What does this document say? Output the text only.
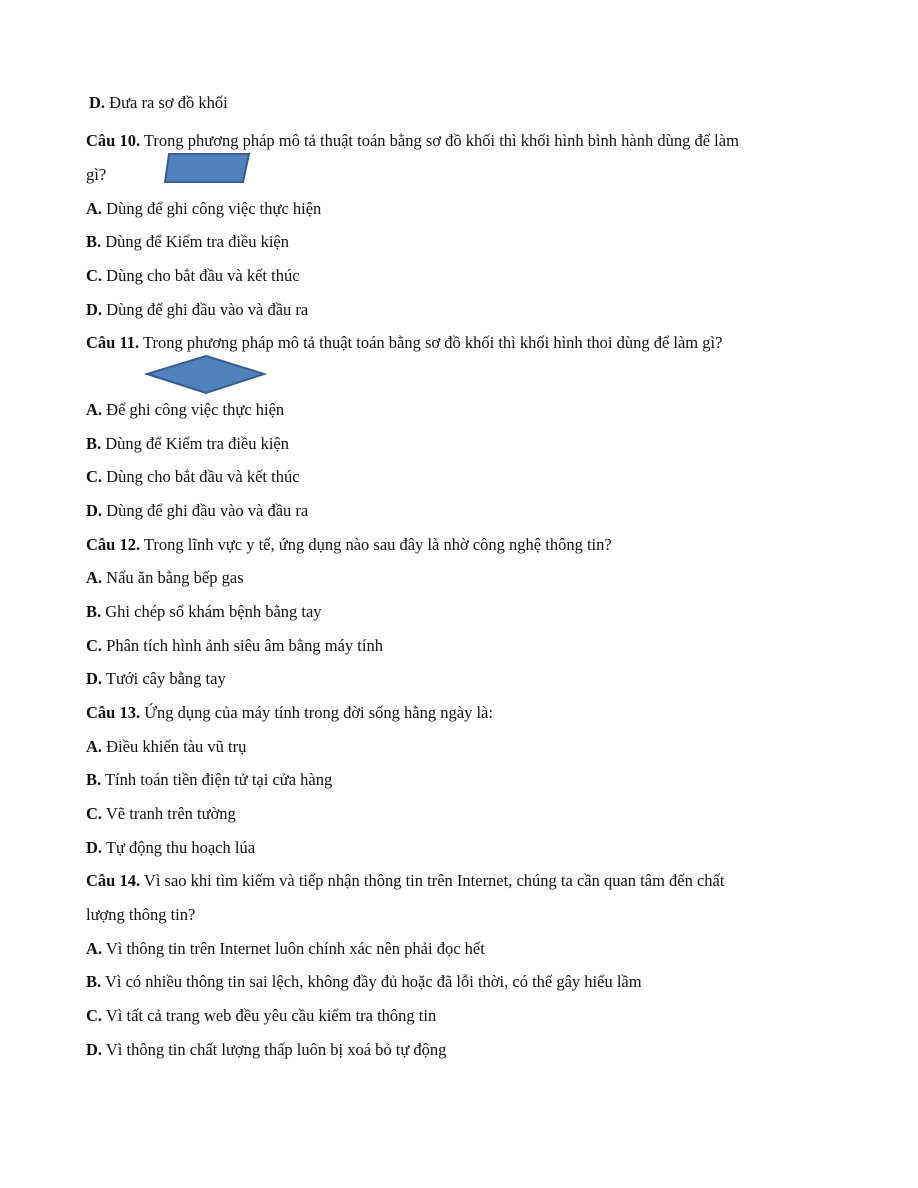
D. Đưa ra sơ đồ khối
Câu 10. Trong phương pháp mô tả thuật toán bằng sơ đồ khối thì khối hình bình hành dùng để làm
gì?
A. Dùng để ghi công việc thực hiện
B. Dùng để Kiểm tra điều kiện
C. Dùng cho bắt đầu và kết thúc
D. Dùng để ghi đầu vào và đầu ra
Câu 11. Trong phương pháp mô tả thuật toán bằng sơ đồ khối thì khối hình thoi dùng để làm gì?
A. Để ghi công việc thực hiện
B. Dùng để Kiểm tra điều kiện
C. Dùng cho bắt đầu và kết thúc
D. Dùng để ghi đầu vào và đầu ra
Câu 12. Trong lĩnh vực y tế, ứng dụng nào sau đây là nhờ công nghệ thông tin?
A. Nấu ăn bằng bếp gas
B. Ghi chép sổ khám bệnh bằng tay
C. Phân tích hình ảnh siêu âm bằng máy tính
D. Tưới cây bằng tay
Câu 13. Ứng dụng của máy tính trong đời sống hằng ngày là:
A. Điều khiển tàu vũ trụ
B. Tính toán tiền điện tử tại cửa hàng
C. Vẽ tranh trên tường
D. Tự động thu hoạch lúa
Câu 14. Vì sao khi tìm kiếm và tiếp nhận thông tin trên Internet, chúng ta cần quan tâm đến chất
lượng thông tin?
A. Vì thông tin trên Internet luôn chính xác nên phải đọc hết
B. Vì có nhiều thông tin sai lệch, không đầy đủ hoặc đã lỗi thời, có thể gây hiểu lầm
C. Vì tất cả trang web đều yêu cầu kiểm tra thông tin
D. Vì thông tin chất lượng thấp luôn bị xoá bỏ tự động
